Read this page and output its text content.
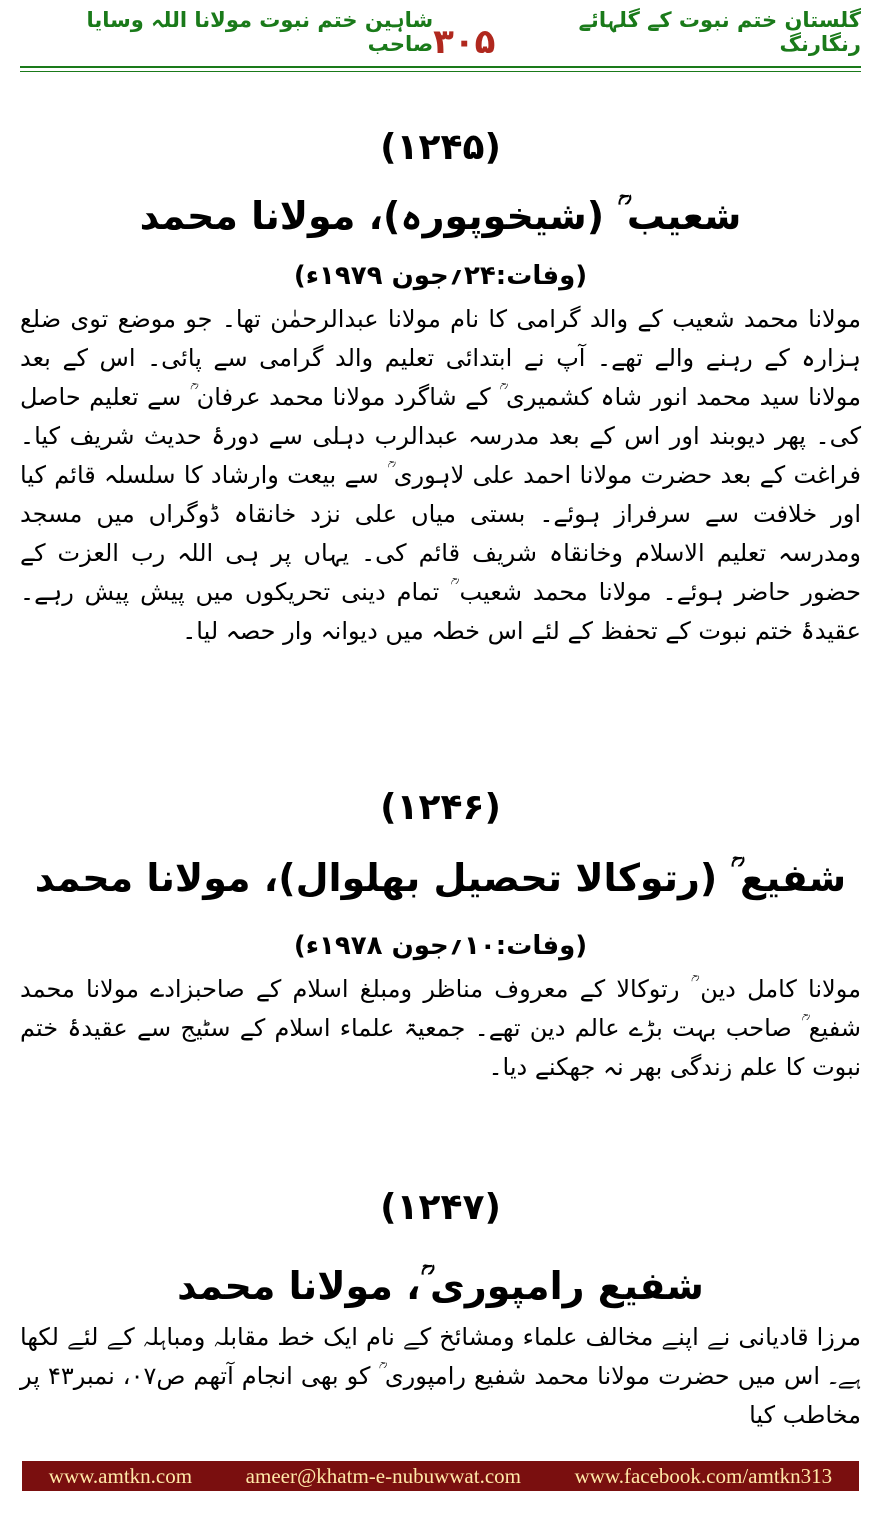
شاہین ختم نبوت مولانا اللہ وسایا صاحب ۳۰۵
گلستان ختم نبوت کے گلہائے رنگارنگ

(۱۲۴۵)

شعیب ؒ (شیخوپورہ)، مولانا محمد

(وفات:۲۴؍جون ۱۹۷۹ء)

مولانا محمد شعیب کے والد گرامی کا نام مولانا عبدالرحمٰن تھا۔ جو موضع توی ضلع ہزارہ کے رہنے والے تھے۔ آپ نے ابتدائی تعلیم والد گرامی سے پائی۔ اس کے بعد مولانا سید محمد انور شاہ کشمیری ؒ کے شاگرد مولانا محمد عرفان ؒ سے تعلیم حاصل کی۔ پھر دیوبند اور اس کے بعد مدرسہ عبدالرب دہلی سے دورۂ حدیث شریف کیا۔ فراغت کے بعد حضرت مولانا احمد علی لاہوری ؒ سے بیعت وارشاد کا سلسلہ قائم کیا اور خلافت سے سرفراز ہوئے۔ بستی میاں علی نزد خانقاہ ڈوگراں میں مسجد ومدرسہ تعلیم الاسلام وخانقاہ شریف قائم کی۔ یہاں پر ہی اللہ رب العزت کے حضور حاضر ہوئے۔ مولانا محمد شعیب ؒ تمام دینی تحریکوں میں پیش پیش رہے۔ عقیدۂ ختم نبوت کے تحفظ کے لئے اس خطہ میں دیوانہ وار حصہ لیا۔

(۱۲۴۶)

شفیع ؒ (رتوکالا تحصیل بھلوال)، مولانا محمد

(وفات:۱۰؍جون ۱۹۷۸ء)

مولانا کامل دین ؒ رتوکالا کے معروف مناظر ومبلغ اسلام کے صاحبزادے مولانا محمد شفیع ؒ صاحب بہت بڑے عالم دین تھے۔ جمعیۃ علماء اسلام کے سٹیج سے عقیدۂ ختم نبوت کا علم زندگی بھر نہ جھکنے دیا۔

(۱۲۴۷)

شفیع رامپوری ؒ، مولانا محمد

مرزا قادیانی نے اپنے مخالف علماء ومشائخ کے نام ایک خط مقابلہ ومباہلہ کے لئے لکھا ہے۔ اس میں حضرت مولانا محمد شفیع رامپوری ؒ کو بھی انجام آتھم ص۰۷، نمبر۴۳ پر مخاطب کیا

www.amtkn.com	ameer@khatm-e-nubuwwat.com	www.facebook.com/amtkn313
